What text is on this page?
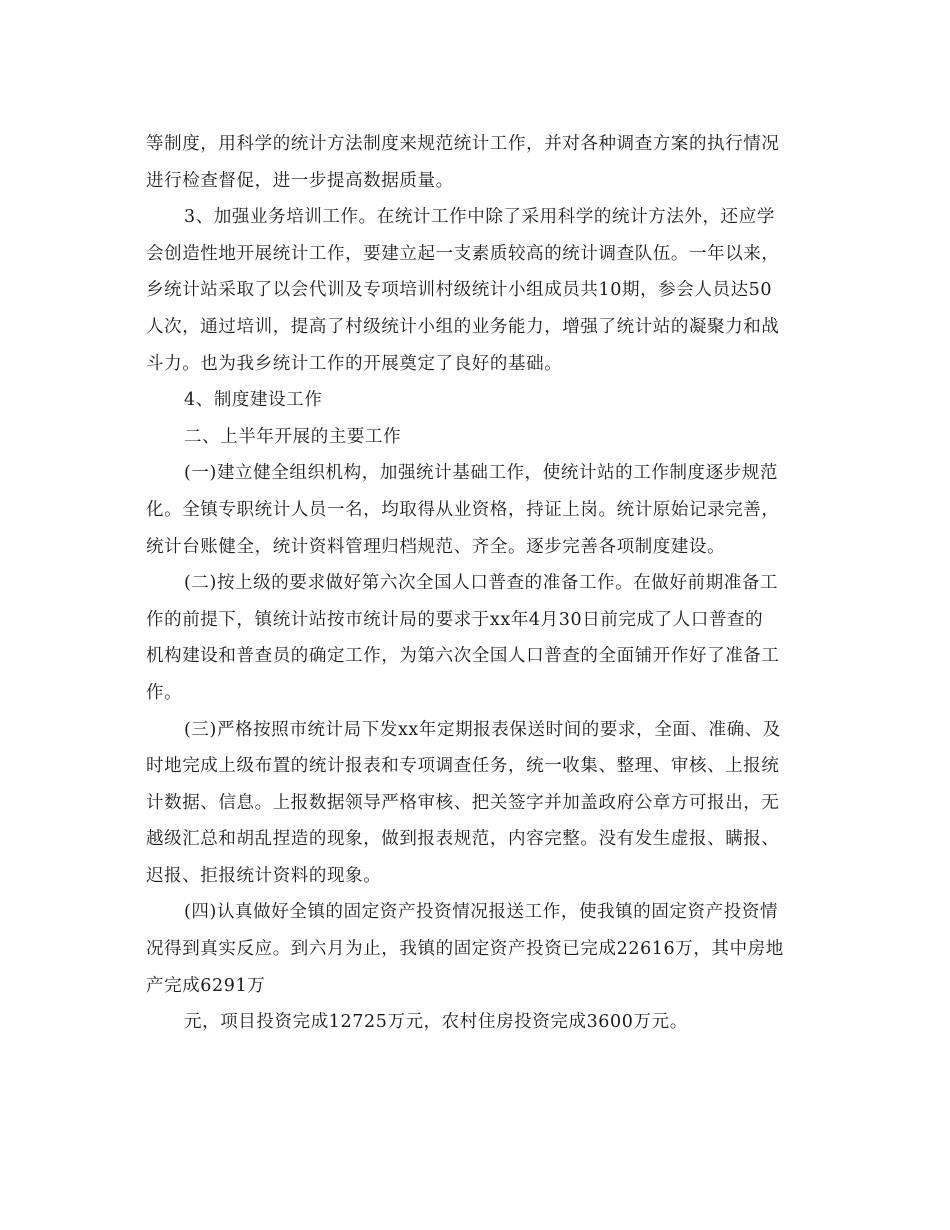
等制度，用科学的统计方法制度来规范统计工作，并对各种调查方案的执行情况
进行检查督促，进一步提高数据质量。

3、加强业务培训工作。在统计工作中除了采用科学的统计方法外，还应学
会创造性地开展统计工作，要建立起一支素质较高的统计调查队伍。一年以来，
乡统计站采取了以会代训及专项培训村级统计小组成员共10期，参会人员达50
人次，通过培训，提高了村级统计小组的业务能力，增强了统计站的凝聚力和战
斗力。也为我乡统计工作的开展奠定了良好的基础。

4、制度建设工作

二、上半年开展的主要工作

(一)建立健全组织机构，加强统计基础工作，使统计站的工作制度逐步规范
化。全镇专职统计人员一名，均取得从业资格，持证上岗。统计原始记录完善，
统计台账健全，统计资料管理归档规范、齐全。逐步完善各项制度建设。

(二)按上级的要求做好第六次全国人口普查的准备工作。在做好前期准备工
作的前提下，镇统计站按市统计局的要求于xx年4月30日前完成了人口普查的
机构建设和普查员的确定工作，为第六次全国人口普查的全面铺开作好了准备工
作。

(三)严格按照市统计局下发xx年定期报表保送时间的要求，全面、准确、及
时地完成上级布置的统计报表和专项调查任务，统一收集、整理、审核、上报统
计数据、信息。上报数据领导严格审核、把关签字并加盖政府公章方可报出，无
越级汇总和胡乱捏造的现象，做到报表规范，内容完整。没有发生虚报、瞒报、
迟报、拒报统计资料的现象。

(四)认真做好全镇的固定资产投资情况报送工作，使我镇的固定资产投资情
况得到真实反应。到六月为止，我镇的固定资产投资已完成22616万，其中房地
产完成6291万

元，项目投资完成12725万元，农村住房投资完成3600万元。
